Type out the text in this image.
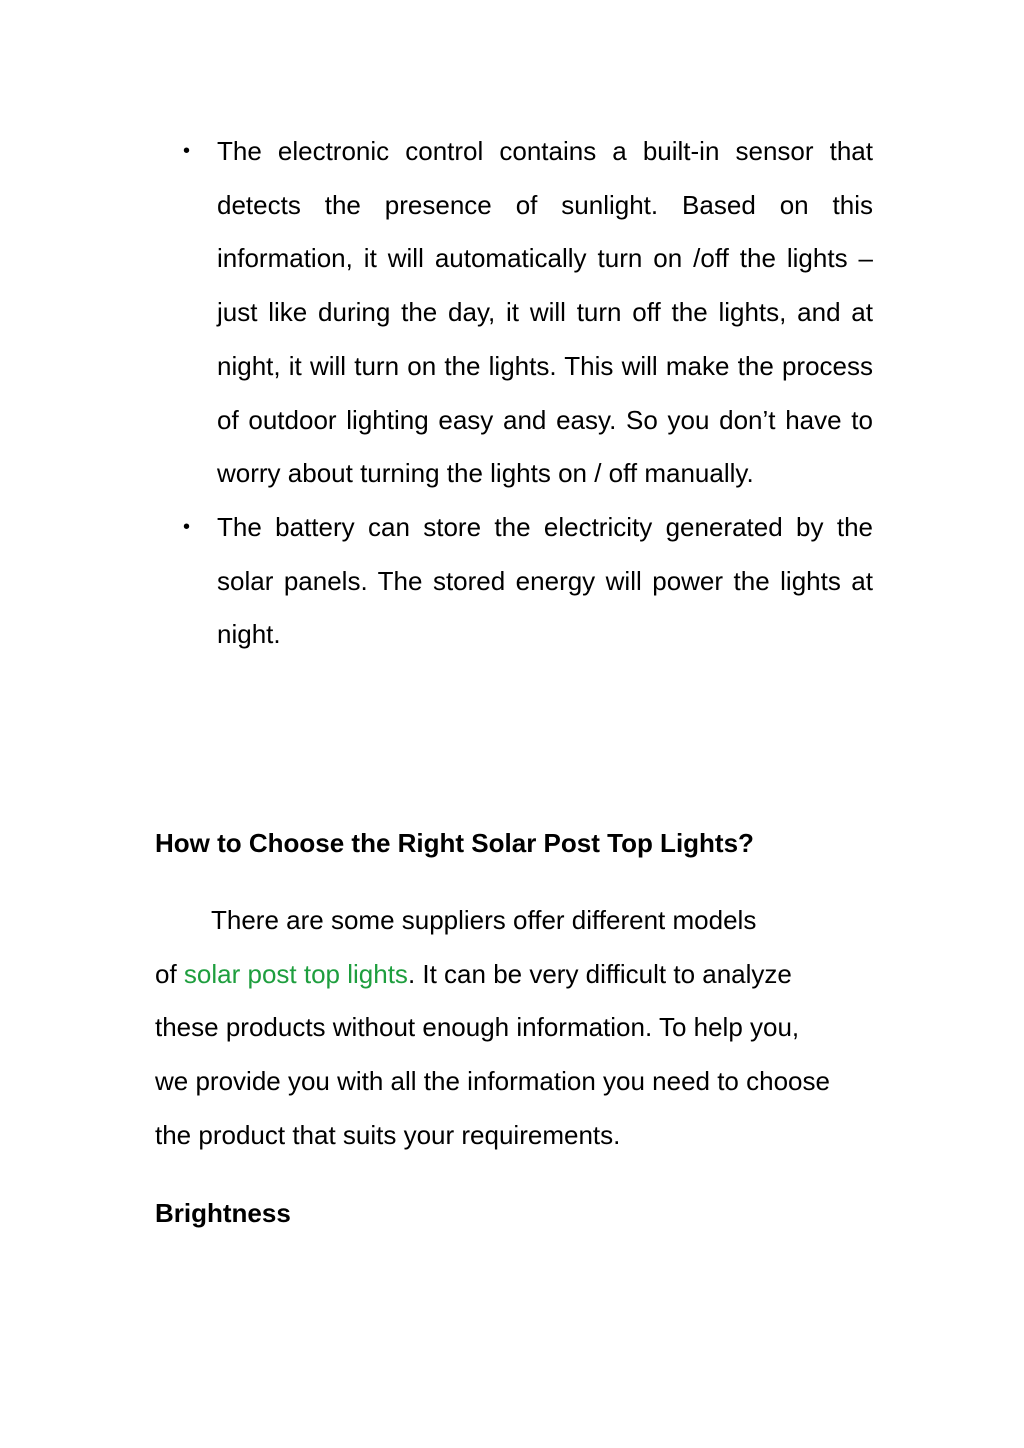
• The electronic control contains a built-in sensor that detects the presence of sunlight. Based on this information, it will automatically turn on /off the lights – just like during the day, it will turn off the lights, and at night, it will turn on the lights. This will make the process of outdoor lighting easy and easy. So you don’t have to worry about turning the lights on / off manually.
• The battery can store the electricity generated by the solar panels. The stored energy will power the lights at night.
How to Choose the Right Solar Post Top Lights?

There are some suppliers offer different models
of solar post top lights. It can be very difficult to analyze
these products without enough information. To help you,
we provide you with all the information you need to choose
the product that suits your requirements.

Brightness
